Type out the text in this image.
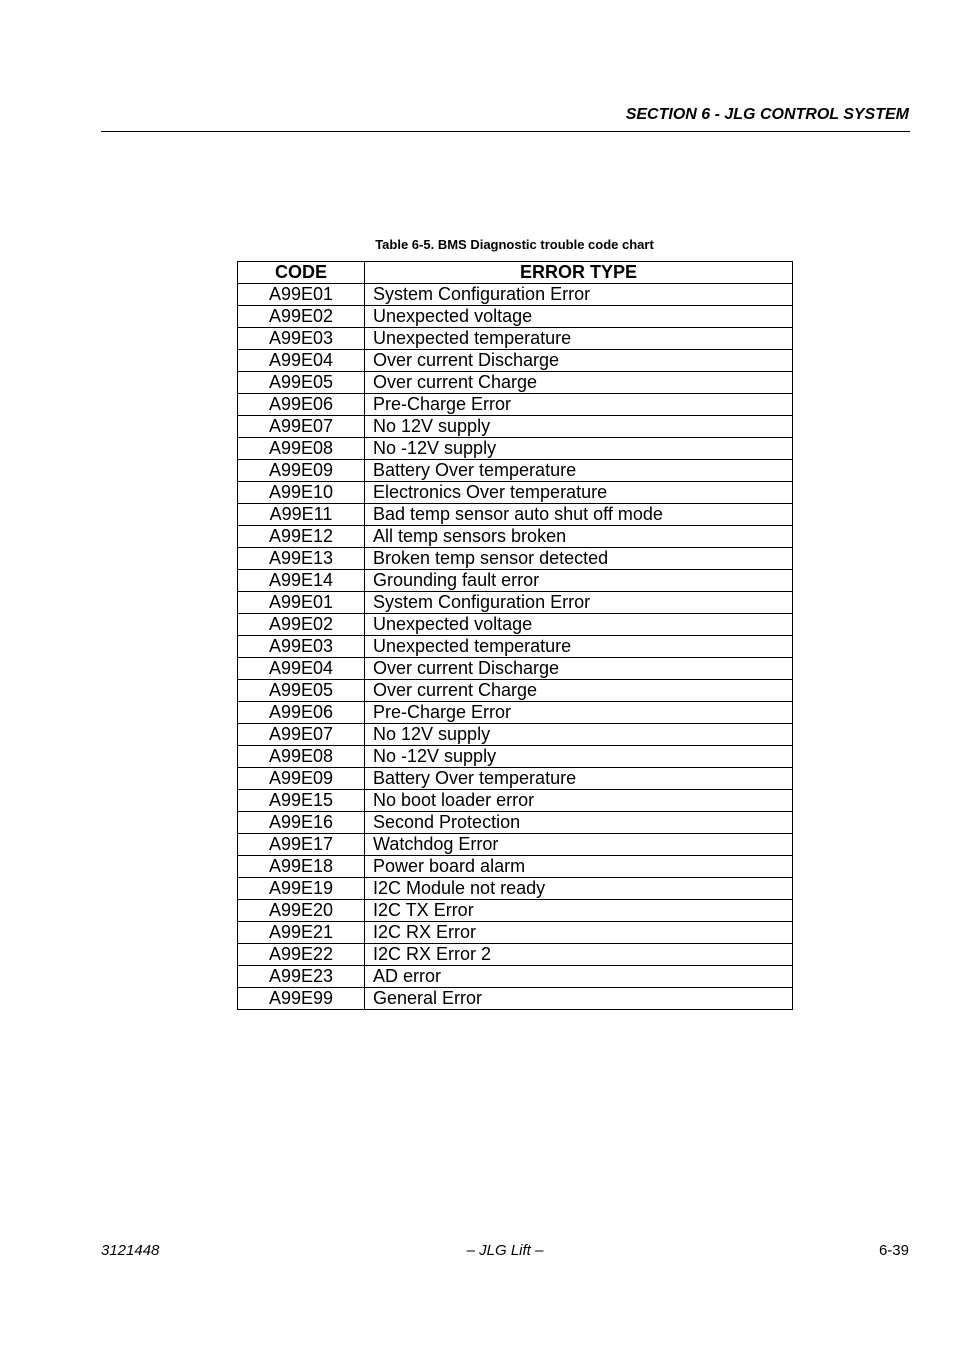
SECTION 6 - JLG CONTROL SYSTEM
Table 6-5. BMS Diagnostic trouble code chart
CODE	ERROR TYPE
A99E01	System Configuration Error
A99E02	Unexpected voltage
A99E03	Unexpected temperature
A99E04	Over current Discharge
A99E05	Over current Charge
A99E06	Pre-Charge Error
A99E07	No 12V supply
A99E08	No -12V supply
A99E09	Battery Over temperature
A99E10	Electronics Over temperature
A99E11	Bad temp sensor auto shut off mode
A99E12	All temp sensors broken
A99E13	Broken temp sensor detected
A99E14	Grounding fault error
A99E01	System Configuration Error
A99E02	Unexpected voltage
A99E03	Unexpected temperature
A99E04	Over current Discharge
A99E05	Over current Charge
A99E06	Pre-Charge Error
A99E07	No 12V supply
A99E08	No -12V supply
A99E09	Battery Over temperature
A99E15	No boot loader error
A99E16	Second Protection
A99E17	Watchdog Error
A99E18	Power board alarm
A99E19	I2C Module not ready
A99E20	I2C TX Error
A99E21	I2C RX Error
A99E22	I2C RX Error 2
A99E23	AD error
A99E99	General Error
3121448	– JLG Lift –	6-39
